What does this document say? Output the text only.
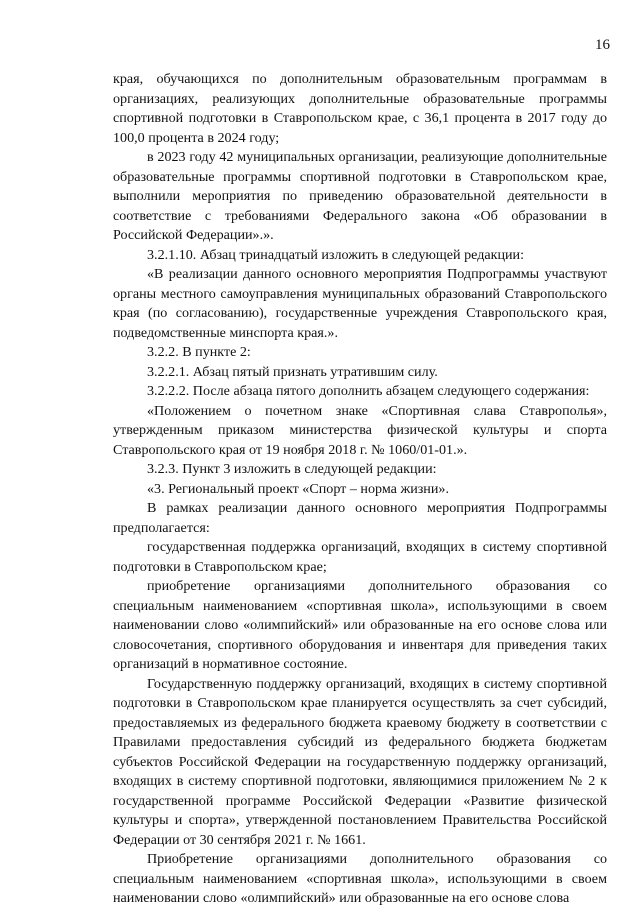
16

края, обучающихся по дополнительным образовательным программам в организациях, реализующих дополнительные образовательные программы спортивной подготовки в Ставропольском крае, с 36,1 процента в 2017 году до 100,0 процента в 2024 году;

в 2023 году 42 муниципальных организации, реализующие дополнительные образовательные программы спортивной подготовки в Ставропольском крае, выполнили мероприятия по приведению образовательной деятельности в соответствие с требованиями Федерального закона «Об образовании в Российской Федерации».».

3.2.1.10. Абзац тринадцатый изложить в следующей редакции:

«В реализации данного основного мероприятия Подпрограммы участвуют органы местного самоуправления муниципальных образований Ставропольского края (по согласованию), государственные учреждения Ставропольского края, подведомственные минспорта края.».

3.2.2. В пункте 2:

3.2.2.1. Абзац пятый признать утратившим силу.

3.2.2.2. После абзаца пятого дополнить абзацем следующего содержания:

«Положением о почетном знаке «Спортивная слава Ставрополья», утвержденным приказом министерства физической культуры и спорта Ставропольского края от 19 ноября 2018 г. № 1060/01-01.».

3.2.3. Пункт 3 изложить в следующей редакции:

«3. Региональный проект «Спорт – норма жизни».

В рамках реализации данного основного мероприятия Подпрограммы предполагается:

государственная поддержка организаций, входящих в систему спортивной подготовки в Ставропольском крае;

приобретение организациями дополнительного образования со специальным наименованием «спортивная школа», использующими в своем наименовании слово «олимпийский» или образованные на его основе слова или словосочетания, спортивного оборудования и инвентаря для приведения таких организаций в нормативное состояние.

Государственную поддержку организаций, входящих в систему спортивной подготовки в Ставропольском крае планируется осуществлять за счет субсидий, предоставляемых из федерального бюджета краевому бюджету в соответствии с Правилами предоставления субсидий из федерального бюджета бюджетам субъектов Российской Федерации на государственную поддержку организаций, входящих в систему спортивной подготовки, являющимися приложением № 2 к государственной программе Российской Федерации «Развитие физической культуры и спорта», утвержденной постановлением Правительства Российской Федерации от 30 сентября 2021 г. № 1661.

Приобретение организациями дополнительного образования со специальным наименованием «спортивная школа», использующими в своем наименовании слово «олимпийский» или образованные на его основе слова
